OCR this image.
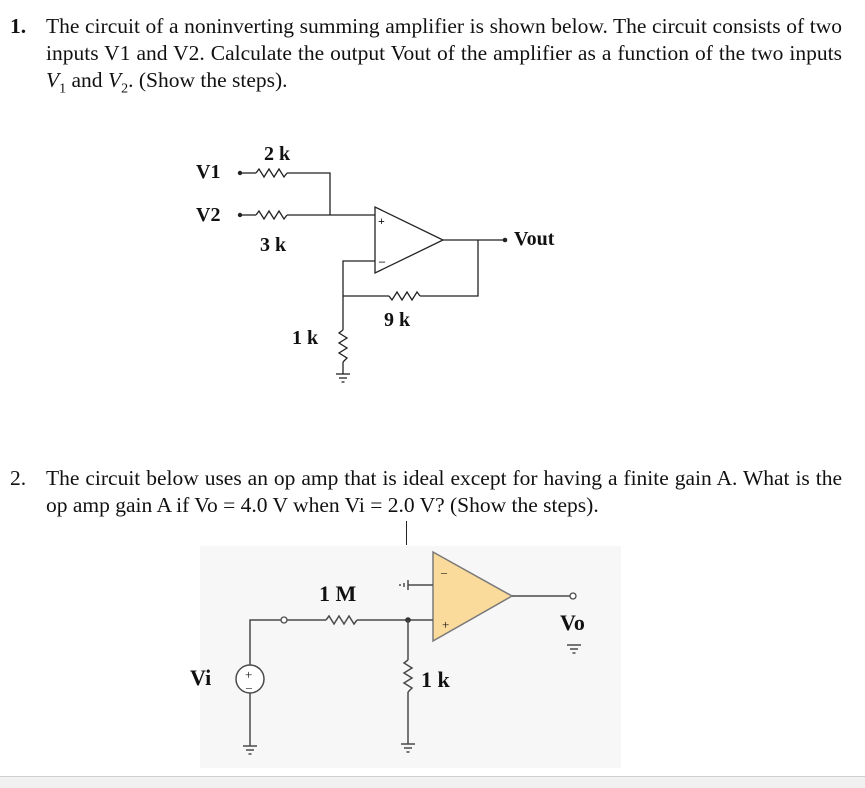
1. The circuit of a noninverting summing amplifier is shown below. The circuit consists of two inputs V1 and V2. Calculate the output Vout of the amplifier as a function of the two inputs $V_1$ and $V_2$. (Show the steps).
+
–
V1
V2
2 k
3 k
9 k
1 k
Vout
2. The circuit below uses an op amp that is ideal except for having a finite gain A. What is the op amp gain A if Vo = 4.0 V when Vi = 2.0 V? (Show the steps).
–
+
+
–
1 M
1 k
Vi
Vo
